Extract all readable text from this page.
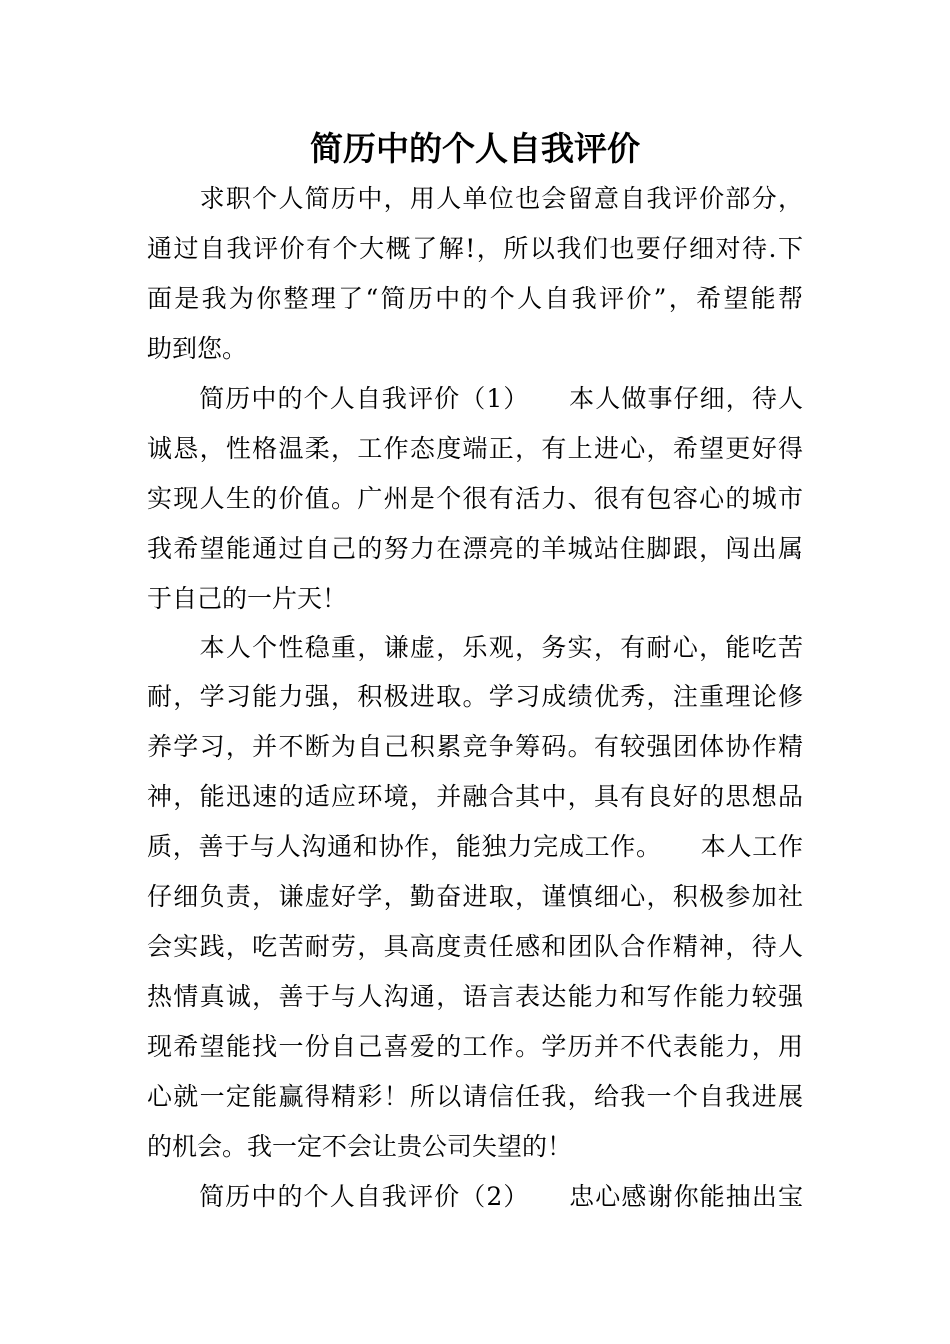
简历中的个人自我评价

　　求职个人简历中，用人单位也会留意自我评价部分，

通过自我评价有个大概了解!，所以我们也要仔细对待.下

面是我为你整理了“简历中的个人自我评价”，希望能帮

助到您。

　　简历中的个人自我评价（1）　　本人做事仔细，待人

诚恳，性格温柔，工作态度端正，有上进心，希望更好得

实现人生的价值。广州是个很有活力、很有包容心的城市

我希望能通过自己的努力在漂亮的羊城站住脚跟，闯出属

于自己的一片天！

　　本人个性稳重，谦虚，乐观，务实，有耐心，能吃苦

耐，学习能力强，积极进取。学习成绩优秀，注重理论修

养学习，并不断为自己积累竞争筹码。有较强团体协作精

神，能迅速的适应环境，并融合其中，具有良好的思想品

质，善于与人沟通和协作，能独力完成工作。　　本人工作

仔细负责，谦虚好学，勤奋进取，谨慎细心，积极参加社

会实践，吃苦耐劳，具高度责任感和团队合作精神，待人

热情真诚，善于与人沟通，语言表达能力和写作能力较强

现希望能找一份自己喜爱的工作。学历并不代表能力，用

心就一定能赢得精彩！所以请信任我，给我一个自我进展

的机会。我一定不会让贵公司失望的！

　　简历中的个人自我评价（2）　　忠心感谢你能抽出宝
